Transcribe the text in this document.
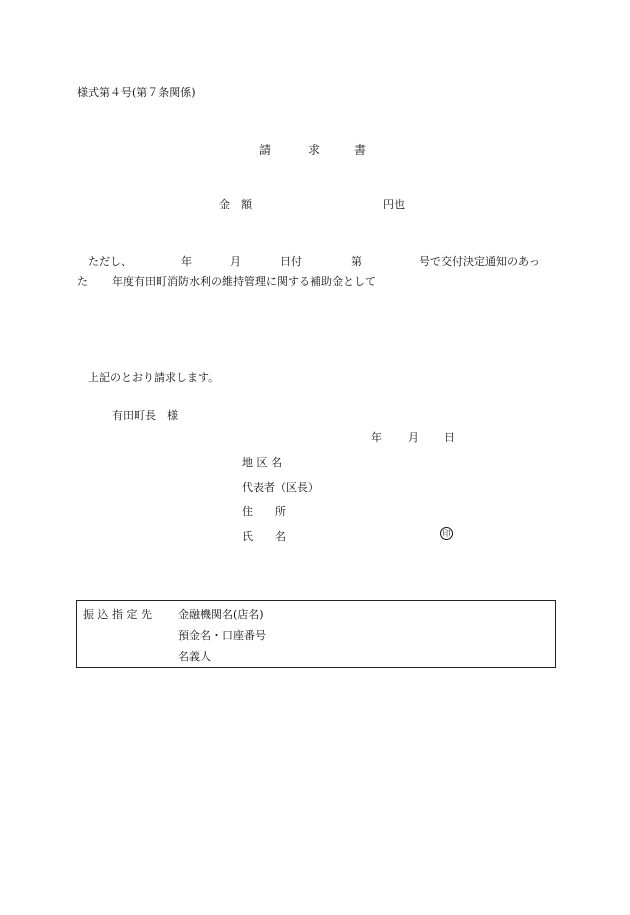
様式第４号(第７条関係)
請	求	書
金　額	円也
ただし、	年	月	日付	第	号で交付決定通知のあっ
た 年度有田町消防水利の維持管理に関する補助金として
上記のとおり請求します。
有田町長　様
年 月 日
地 区 名
代表者（区長）
住　　所
氏　　名	印
振 込 指 定 先 金融機関名(店名)
預金名・口座番号
名義人
